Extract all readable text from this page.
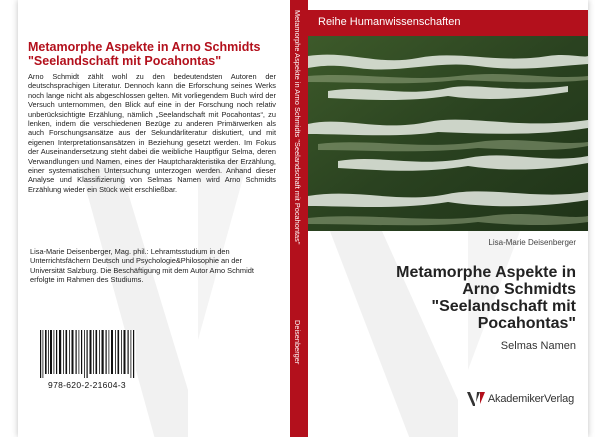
Metamorphe Aspekte in Arno Schmidts
"Seelandschaft mit Pocahontas"
Arno Schmidt zählt wohl zu den bedeutendsten Autoren der deutschsprachigen Literatur. Dennoch kann die Erforschung seines Werks noch lange nicht als abgeschlossen gelten. Mit vorliegendem Buch wird der Versuch unternommen, den Blick auf eine in der Forschung noch relativ unberücksichtigte Erzählung, nämlich „Seelandschaft mit Pocahontas“, zu lenken, indem die verschiedenen Bezüge zu anderen Primärwerken als auch Forschungsansätze aus der Sekundärliteratur diskutiert, und mit eigenen Interpretationsansätzen in Beziehung gesetzt werden. Im Fokus der Auseinandersetzung steht dabei die weibliche Hauptfigur Selma, deren Verwandlungen und Namen, eines der Hauptcharakteristika der Erzählung, einer systematischen Untersuchung unterzogen werden. Anhand dieser Analyse und Klassifizierung von Selmas Namen wird Arno Schmidts Erzählung wieder ein Stück weit erschließbar.
Lisa-Marie Deisenberger, Mag. phil.: Lehramtsstudium in den Unterrichtsfächern Deutsch und Psychologie&Philosophie an der Universität Salzburg. Die Beschäftigung mit dem Autor Arno Schmidt erfolgte im Rahmen des Studiums.
978-620-2-21604-3
Metamorphe Aspekte in Arno Schmidts "Seelandschaft mit Pocahontas"
Deisenberger
Reihe Humanwissenschaften
Lisa-Marie Deisenberger
Metamorphe Aspekte in
Arno Schmidts
"Seelandschaft mit
Pocahontas"
Selmas Namen
AkademikerVerlag
